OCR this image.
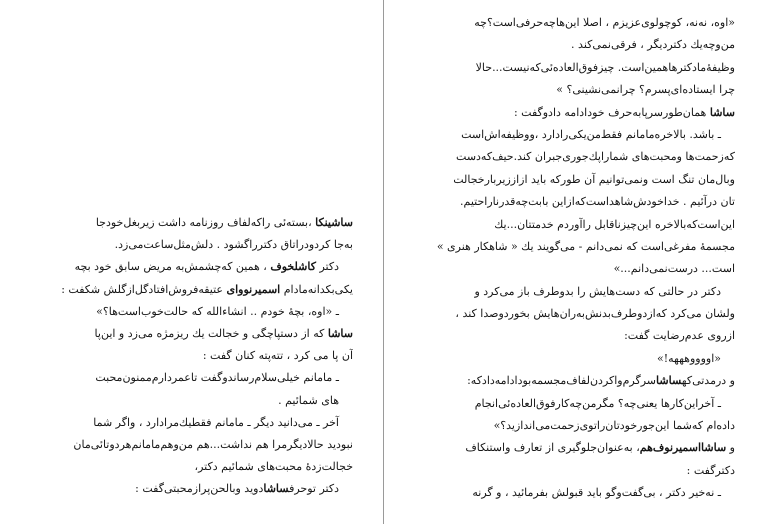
ساشینکا ،بسته‌ئی راکه‌لفاف روزنامه داشت زیربغل‌خودجا
به‌جا کردودراتاق دکتررا‌گشود . دلش‌مثل‌ساعت‌می‌زد.
دکتر کاشلخوف ، همین که‌چشمش‌به مریض سابق خود بچه
یکی‌بکدانه‌مادام اسمیرنووای عتیقه‌فروش‌افتادگل‌ازگلش شکفت :
ـ «اوه، بچۀ خودم .. انشاءالله که حالت‌خوب‌است‌ها؟»
ساشا که از دستپاچگی و خجالت یك ریزمژه می‌زد و این‌پا
آن‌ پا می‌ کرد ، تته‌پته کنان گفت :
ـ مامانم خیلی‌سلام‌رساندوگفت تاعمردارم‌ممنون‌محبت‌
های شمائیم .
آخر ـ می‌دانید دیگر ـ مامانم فقطیك‌مرادارد ، واگر شما
نبودید حالادیگرمرا هم نداشت...هم من‌وهم‌مامانم‌هردوتائی‌مان
خجالت‌زدۀ محبت‌های شمائیم دکتر،
دکتر توحرفساشادوید وبالحن‌پرازمحبتی‌گفت :
«اوه، نه‌نه، کوچولوی‌عزیزم ، اصلا این‌هاچه‌حرفی‌است؟چه
من‌وچه‌یك دکتردیگر ، فرقی‌نمی‌کند .
وظیفۀ‌مادکترهاهمین‌است. چیزفوق‌العاده‌ئی‌که‌نیست...حالا
چرا ایستاده‌ای‌پسرم؟ چرانمی‌نشینی؟ »
ساشا همان‌طورسرپابه‌حرف خودادامه دادو‌گفت :
ـ باشد. بالاخره‌مامانم فقط‌من‌یکی‌رادارد ،و‌وظیفه‌اش‌است
که‌زحمت‌ها ومحبت‌های شماراپك‌جوری‌جبران کند.حیف‌که‌دست
وبال‌مان تنگ است ونمی‌توانیم آن طورکه باید ازاززیربارخجالت
تان درآئیم . خداخودش‌شاهداست‌که‌ازاین بابت‌چه‌قدرناراحتیم.
این‌است‌که‌بالاخره این‌چیزناقابل راآوردم خدمتتان...یك
مجسمۀ مفرغی‌است که نمی‌دانم - می‌گویند یك « شاهکار هنری »
است... درست‌نمی‌دانم...»
دکتر در حالتی که دست‌هایش را بدوطرف باز می‌کرد و
ولشان می‌کرد که‌ازدوطرف‌بدنش‌به‌ران‌هایش بخوردوصدا کند ،
ازروی عدم‌رضایت گفت:
«اووووهههه!»
و درمدتی‌کهساشاسرگرم‌واکردن‌لفاف‌مجسمه‌بودادامه‌داد‌که:
ـ آخراین‌کارها یعنی‌چه؟ مگرمن‌چه‌کارفوق‌العاده‌ئی‌انجام
داده‌ام که‌شما این‌جورخودتان‌راتوی‌زحمت‌می‌اندازید؟»
و ساشااسمیرنوف‌هم، به‌عنوان‌جلوگیری از تعارف واستنکاف
دکترگفت :
ـ نه‌خیر دکتر ، بی‌گفت‌و‌گو باید قبولش بفرمائید ، و گرنه
